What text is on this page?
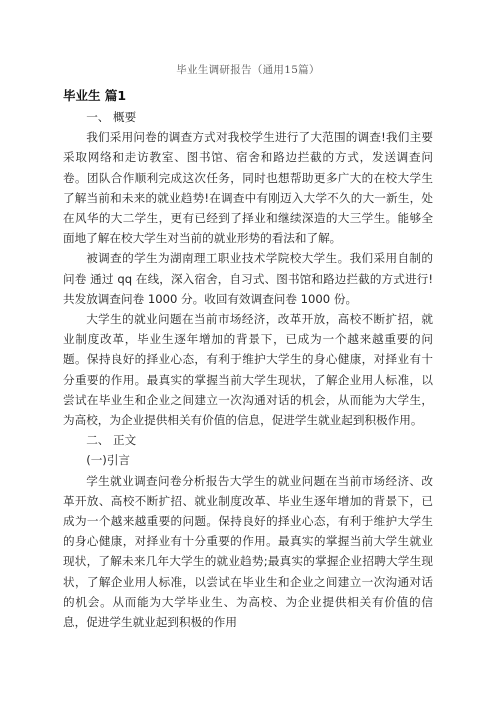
毕业生调研报告（通用15篇）
毕业生 篇1

一、 概要

我们采用问卷的调查方式对我校学生进行了大范围的调查!我们主要采取网络和走访教室、图书馆、宿舍和路边拦截的方式，发送调查问卷。团队合作顺利完成这次任务，同时也想帮助更多广大的在校大学生了解当前和未来的就业趋势!在调查中有刚迈入大学不久的大一新生，处在风华的大二学生，更有已经到了择业和继续深造的大三学生。能够全面地了解在校大学生对当前的就业形势的看法和了解。

被调查的学生为湖南理工职业技术学院校大学生。我们采用自制的问卷 通过 qq 在线，深入宿舍，自习式、图书馆和路边拦截的方式进行!共发放调查问卷 1000 分。收回有效调查问卷 1000 份。

大学生的就业问题在当前市场经济，改革开放，高校不断扩招，就业制度改革，毕业生逐年增加的背景下，已成为一个越来越重要的问题。保持良好的择业心态，有利于维护大学生的身心健康，对择业有十分重要的作用。最真实的掌握当前大学生现状，了解企业用人标准，以尝试在毕业生和企业之间建立一次沟通对话的机会，从而能为大学生，为高校，为企业提供相关有价值的信息，促进学生就业起到积极作用。

二、 正文

(一)引言

学生就业调查问卷分析报告大学生的就业问题在当前市场经济、改革开放、高校不断扩招、就业制度改革、毕业生逐年增加的背景下，已成为一个越来越重要的问题。保持良好的择业心态，有利于维护大学生的身心健康，对择业有十分重要的作用。最真实的掌握当前大学生就业现状，了解未来几年大学生的就业趋势;最真实的掌握企业招聘大学生现状，了解企业用人标准，以尝试在毕业生和企业之间建立一次沟通对话的机会。从而能为大学毕业生、为高校、为企业提供相关有价值的信息，促进学生就业起到积极的作用
